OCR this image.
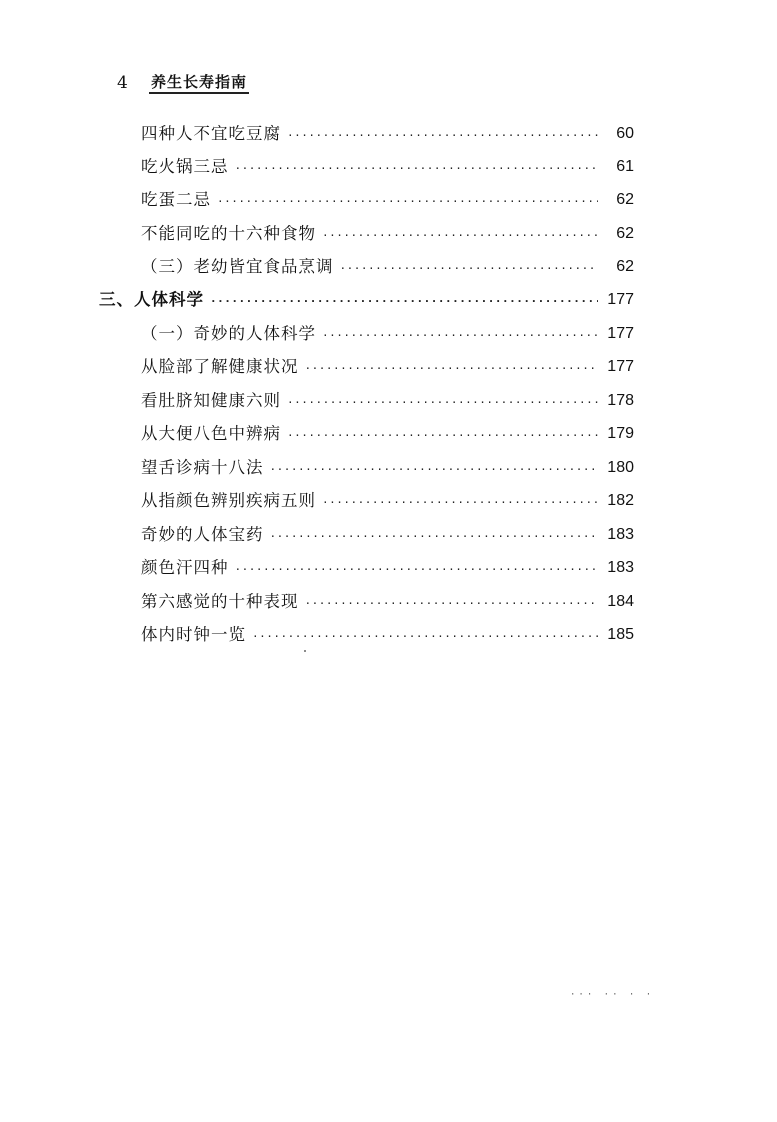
4	养生长寿指南
四种人不宜吃豆腐 ·····	60
吃火锅三忌 ·····	61
吃蛋二忌 ·····	62
不能同吃的十六种食物 ·····	62
（三）老幼皆宜食品烹调 ·····	62
三、人体科学 ·····	177
（一）奇妙的人体科学 ·····	177
从脸部了解健康状况 ·····	177
看肚脐知健康六则 ·····	178
从大便八色中辨病 ·····	179
望舌诊病十八法 ·····	180
从指颜色辨别疾病五则 ·····	182
奇妙的人体宝药 ·····	183
颜色汗四种 ·····	183
第六感觉的十种表现 ·····	184
体内时钟一览 ·····	185
··· ·· · ·
